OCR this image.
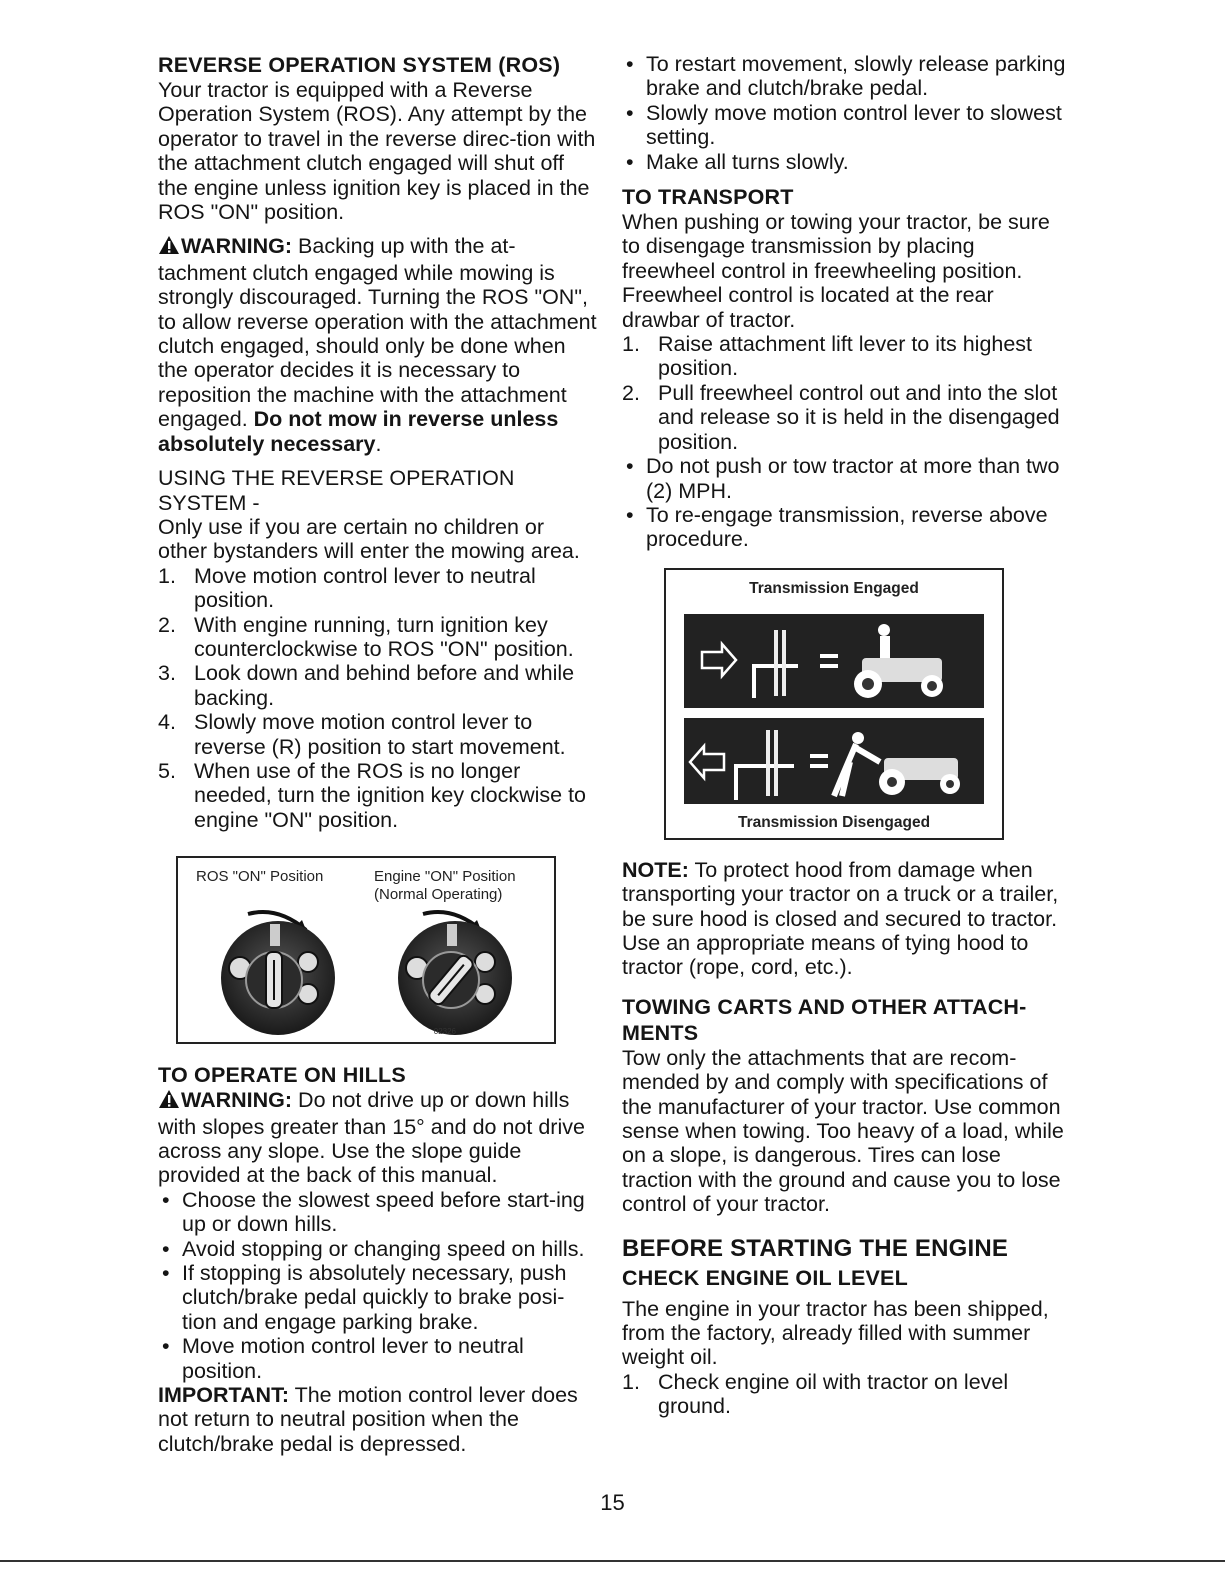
REVERSE OPERATION SYSTEM (ROS)

Your tractor is equipped with a Reverse Operation System (ROS). Any attempt by the operator to travel in the reverse direc-tion with the attachment clutch engaged will shut off the engine unless ignition key is placed in the ROS "ON" position.

WARNING: Backing up with the at-tachment clutch engaged while mowing is strongly discouraged. Turning the ROS "ON", to allow reverse operation with the attachment clutch engaged, should only be done when the operator decides it is necessary to reposition the machine with the attachment engaged. Do not mow in reverse unless absolutely necessary.

USING THE REVERSE OPERATION SYSTEM -

Only use if you are certain no children or other bystanders will enter the mowing area.

1. Move motion control lever to neutral position.
2. With engine running, turn ignition key counterclockwise to ROS "ON" position.
3. Look down and behind before and while backing.
4. Slowly move motion control lever to reverse (R) position to start movement.
5. When use of the ROS is no longer needed, turn the ignition key clockwise to engine "ON" position.
ROS "ON" Position	Engine "ON" Position
(Normal Operating)
02326

TO OPERATE ON HILLS

WARNING: Do not drive up or down hills with slopes greater than 15° and do not drive across any slope. Use the slope guide provided at the back of this manual.

• Choose the slowest speed before start-ing up or down hills.
• Avoid stopping or changing speed on hills.
• If stopping is absolutely necessary, push clutch/brake pedal quickly to brake posi-tion and engage parking brake.
• Move motion control lever to neutral position.

IMPORTANT: The motion control lever does not return to neutral position when the clutch/brake pedal is depressed.

• To restart movement, slowly release parking brake and clutch/brake pedal.
• Slowly move motion control lever to slowest setting.
• Make all turns slowly.

TO TRANSPORT

When pushing or towing your tractor, be sure to disengage transmission by placing freewheel control in freewheeling position. Freewheel control is located at the rear drawbar of tractor.

1. Raise attachment lift lever to its highest position.
2. Pull freewheel control out and into the slot and release so it is held in the disengaged position.
• Do not push or tow tractor at more than two (2) MPH.
• To re-engage transmission, reverse above procedure.
Transmission Engaged
Transmission Disengaged

NOTE: To protect hood from damage when transporting your tractor on a truck or a trailer, be sure hood is closed and secured to tractor. Use an appropriate means of tying hood to tractor (rope, cord, etc.).

TOWING CARTS AND OTHER ATTACH-MENTS

Tow only the attachments that are recom-mended by and comply with specifications of the manufacturer of your tractor. Use common sense when towing. Too heavy of a load, while on a slope, is dangerous. Tires can lose traction with the ground and cause you to lose control of your tractor.

BEFORE STARTING THE ENGINE

CHECK ENGINE OIL LEVEL

The engine in your tractor has been shipped, from the factory, already filled with summer weight oil.

1. Check engine oil with tractor on level ground.
15
